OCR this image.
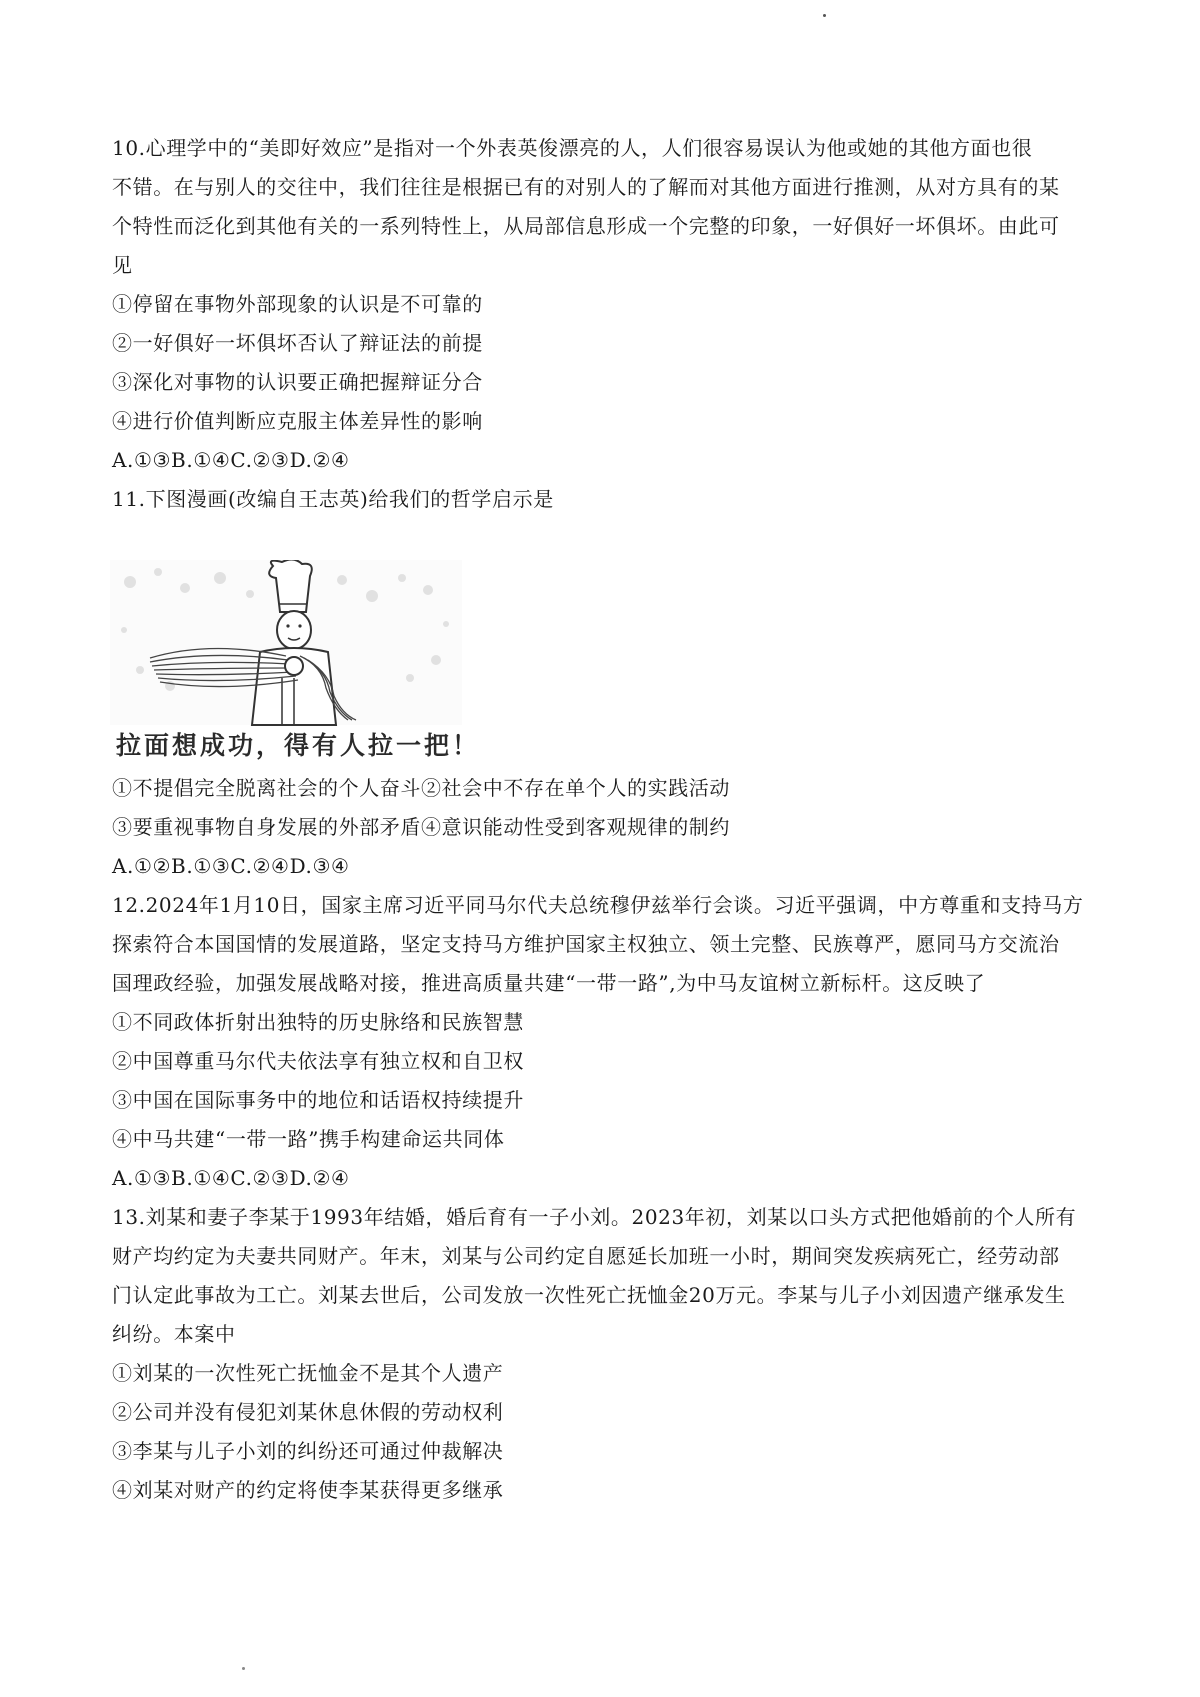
10.心理学中的“美即好效应”是指对一个外表英俊漂亮的人，人们很容易误认为他或她的其他方面也很
不错。在与别人的交往中，我们往往是根据已有的对别人的了解而对其他方面进行推测，从对方具有的某
个特性而泛化到其他有关的一系列特性上，从局部信息形成一个完整的印象，一好俱好一坏俱坏。由此可
见
①停留在事物外部现象的认识是不可靠的
②一好俱好一坏俱坏否认了辩证法的前提
③深化对事物的认识要正确把握辩证分合
④进行价值判断应克服主体差异性的影响
A.①③B.①④C.②③D.②④
11.下图漫画(改编自王志英)给我们的哲学启示是
拉面想成功，得有人拉一把！
①不提倡完全脱离社会的个人奋斗②社会中不存在单个人的实践活动
③要重视事物自身发展的外部矛盾④意识能动性受到客观规律的制约
A.①②B.①③C.②④D.③④
12.2024年1月10日，国家主席习近平同马尔代夫总统穆伊兹举行会谈。习近平强调，中方尊重和支持马方
探索符合本国国情的发展道路，坚定支持马方维护国家主权独立、领土完整、民族尊严，愿同马方交流治
国理政经验，加强发展战略对接，推进高质量共建“一带一路”,为中马友谊树立新标杆。这反映了
①不同政体折射出独特的历史脉络和民族智慧
②中国尊重马尔代夫依法享有独立权和自卫权
③中国在国际事务中的地位和话语权持续提升
④中马共建“一带一路”携手构建命运共同体
A.①③B.①④C.②③D.②④
13.刘某和妻子李某于1993年结婚，婚后育有一子小刘。2023年初，刘某以口头方式把他婚前的个人所有
财产均约定为夫妻共同财产。年末，刘某与公司约定自愿延长加班一小时，期间突发疾病死亡，经劳动部
门认定此事故为工亡。刘某去世后，公司发放一次性死亡抚恤金20万元。李某与儿子小刘因遗产继承发生
纠纷。本案中
①刘某的一次性死亡抚恤金不是其个人遗产
②公司并没有侵犯刘某休息休假的劳动权利
③李某与儿子小刘的纠纷还可通过仲裁解决
④刘某对财产的约定将使李某获得更多继承
